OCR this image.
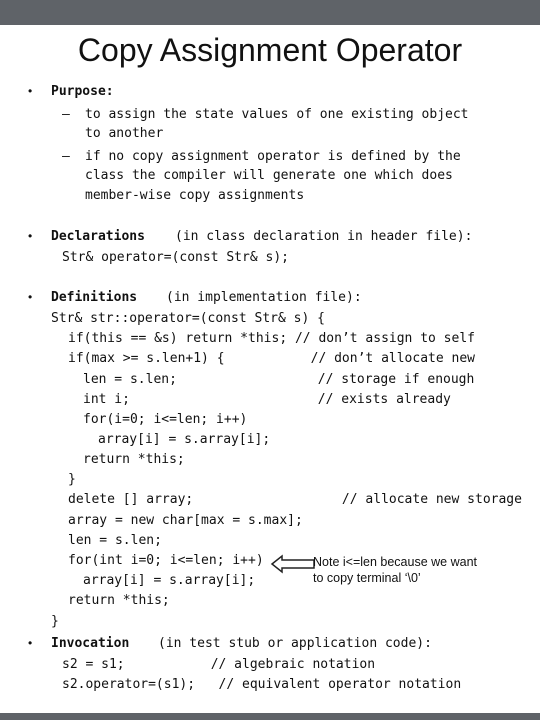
Copy Assignment Operator
• Purpose:
– to assign the state values of one existing object
to another
– if no copy assignment operator is defined by the
class the compiler will generate one which does
member-wise copy assignments
• Declarations (in class declaration in header file):
Str& operator=(const Str& s);
• Definitions (in implementation file):
Str& str::operator=(const Str& s) {
if(this == &s) return *this; // don’t assign to self
if(max >= s.len+1) {           // don’t allocate new
len = s.len;                  // storage if enough
int i;                        // exists already
for(i=0; i<=len; i++)
array[i] = s.array[i];
return *this;
}
delete [] array;                   // allocate new storage
array = new char[max = s.max];
len = s.len;
for(int i=0; i<=len; i++)
array[i] = s.array[i];
return *this;
}
Note i<=len because we want
to copy terminal ‘\0’
• Invocation (in test stub or application code):
s2 = s1;           // algebraic notation
s2.operator=(s1);   // equivalent operator notation
